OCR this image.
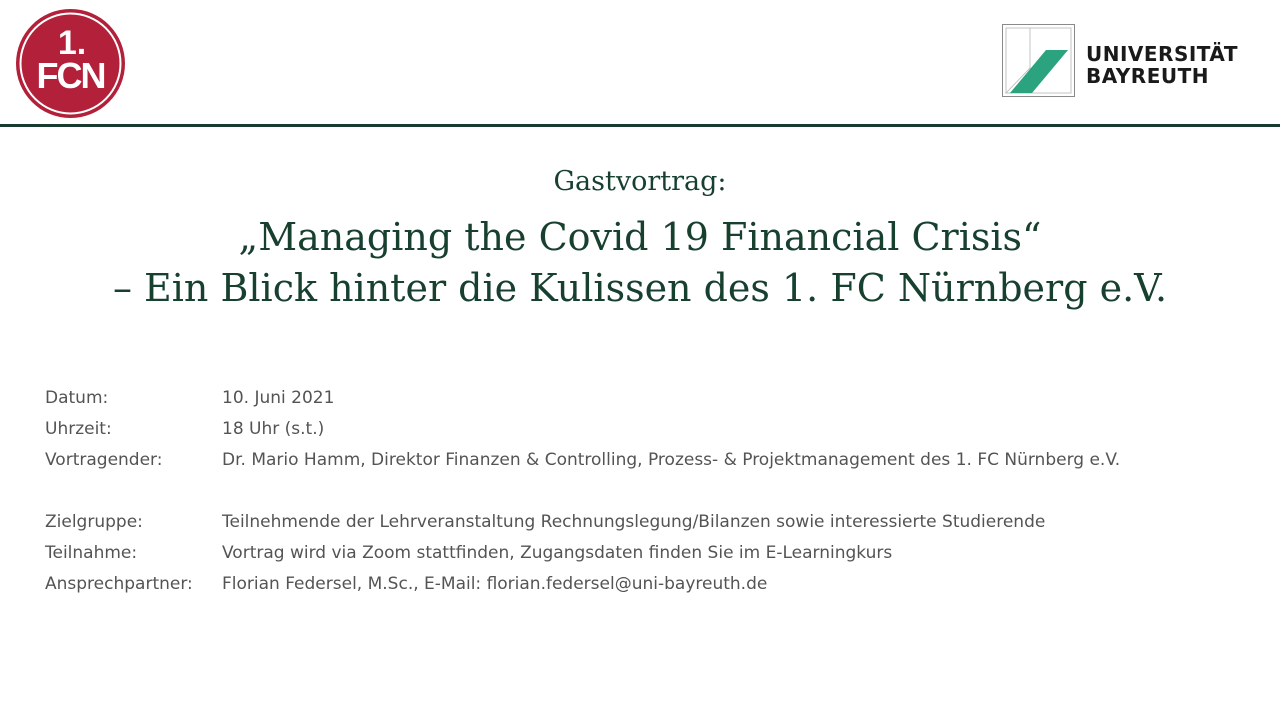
1.
FCN
UNIVERSITÄT
BAYREUTH
Gastvortrag:
„Managing the Covid 19 Financial Crisis“
– Ein Blick hinter die Kulissen des 1. FC Nürnberg e.V.
Datum:	10. Juni 2021
Uhrzeit:	18 Uhr (s.t.)
Vortragender:	Dr. Mario Hamm, Direktor Finanzen & Controlling, Prozess- & Projektmanagement des 1. FC Nürnberg e.V.
Zielgruppe:	Teilnehmende der Lehrveranstaltung Rechnungslegung/Bilanzen sowie interessierte Studierende
Teilnahme:	Vortrag wird via Zoom stattfinden, Zugangsdaten finden Sie im E-Learningkurs
Ansprechpartner:	Florian Federsel, M.Sc., E-Mail: florian.federsel@uni-bayreuth.de
